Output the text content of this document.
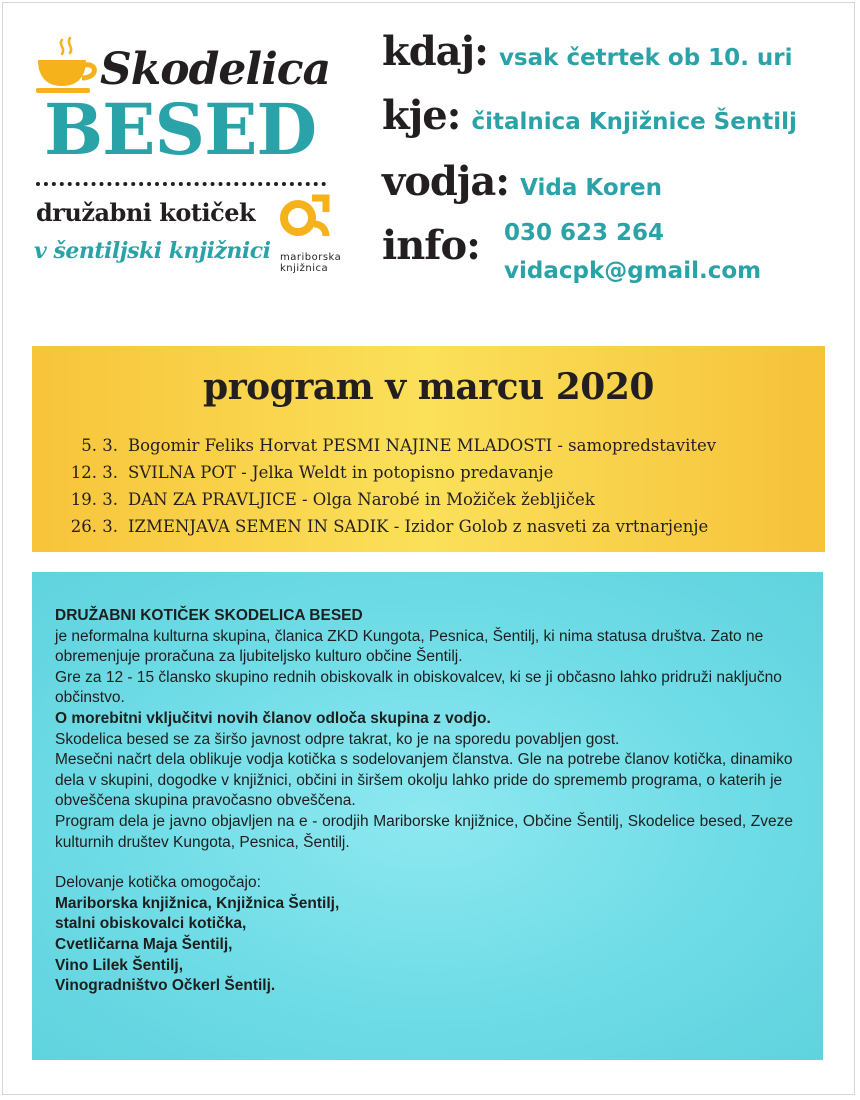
Skodelica
BESED
družabni kotiček
v šentiljski knjižnici mariborska
knjižnica
kdaj: vsak četrtek ob 10. uri
kje: čitalnica Knjižnice Šentilj
vodja: Vida Koren
info: 030 623 264
vidacpk@gmail.com
program v marcu 2020
5. 3. Bogomir Feliks Horvat PESMI NAJINE MLADOSTI - samopredstavitev
12. 3. SVILNA POT - Jelka Weldt in potopisno predavanje
19. 3. DAN ZA PRAVLJICE - Olga Narobé in Možiček žebljiček
26. 3. IZMENJAVA SEMEN IN SADIK - Izidor Golob z nasveti za vrtnarjenje

DRUŽABNI KOTIČEK SKODELICA BESED

je neformalna kulturna skupina, članica ZKD Kungota, Pesnica, Šentilj, ki nima statusa društva. Zato ne obremenjuje proračuna za ljubiteljsko kulturo občine Šentilj.

Gre za 12 - 15 člansko skupino rednih obiskovalk in obiskovalcev, ki se ji občasno lahko pridruži naključno občinstvo.

O morebitni vključitvi novih članov odloča skupina z vodjo.

Skodelica besed se za širšo javnost odpre takrat, ko je na sporedu povabljen gost.

Mesečni načrt dela oblikuje vodja kotička s sodelovanjem članstva. Gle na potrebe članov kotička, dinamiko dela v skupini, dogodke v knjižnici, občini in širšem okolju lahko pride do sprememb programa, o katerih je obveščena skupina pravočasno obveščena.

Program dela je javno objavljen na e - orodjih Mariborske knjižnice, Občine Šentilj, Skodelice besed, Zveze kulturnih društev Kungota, Pesnica, Šentilj.

Delovanje kotička omogočajo:

Mariborska knjižnica, Knjižnica Šentilj,

stalni obiskovalci kotička,

Cvetličarna Maja Šentilj,

Vino Lilek Šentilj,

Vinogradništvo Očkerl Šentilj.
